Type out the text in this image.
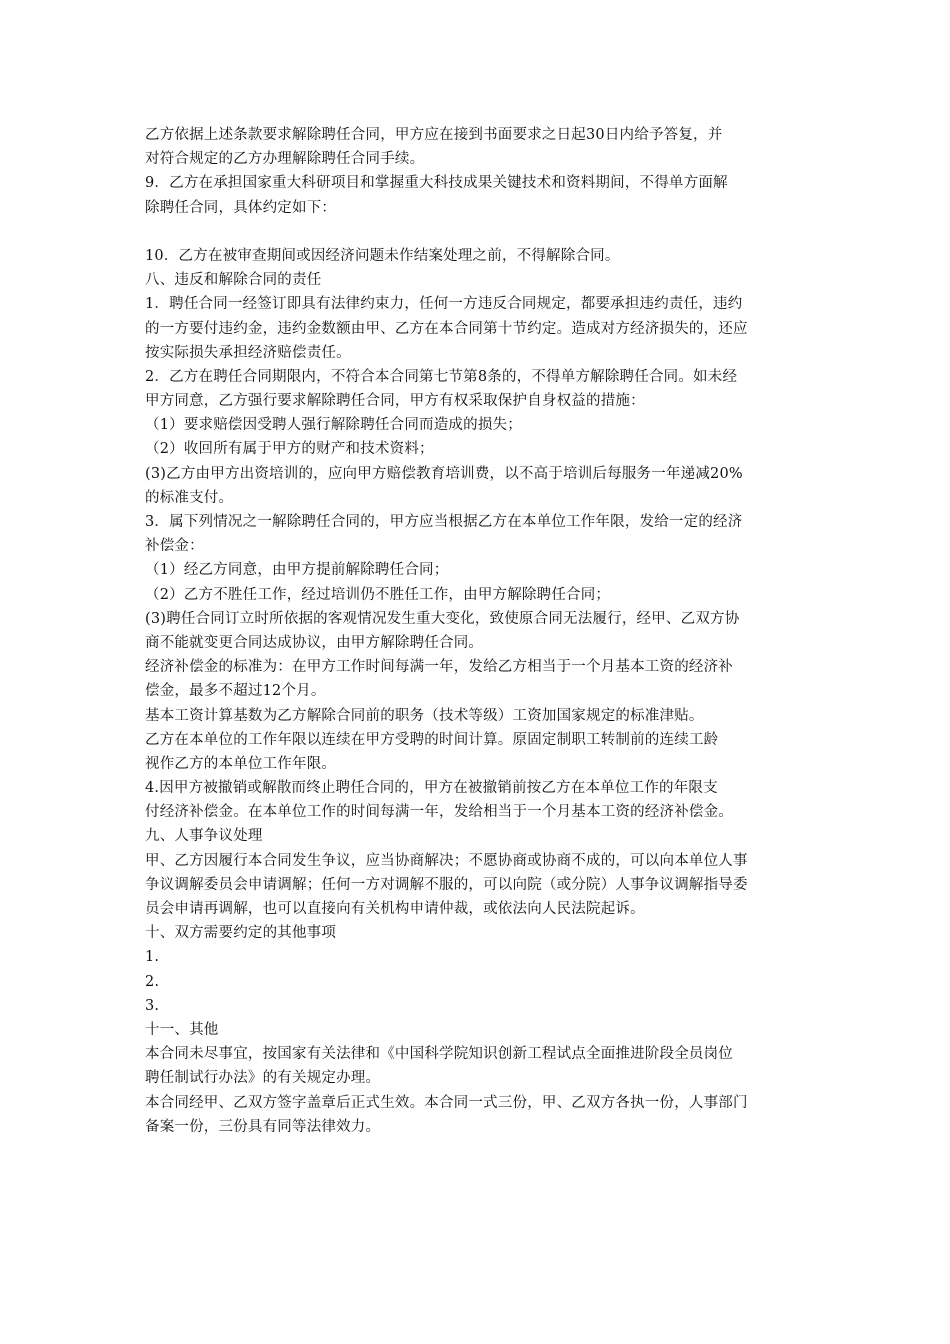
乙方依据上述条款要求解除聘任合同，甲方应在接到书面要求之日起30日内给予答复，并
对符合规定的乙方办理解除聘任合同手续。
9．乙方在承担国家重大科研项目和掌握重大科技成果关键技术和资料期间，不得单方面解
除聘任合同，具体约定如下：
10．乙方在被审查期间或因经济问题未作结案处理之前，不得解除合同。
八、违反和解除合同的责任
1．聘任合同一经签订即具有法律约束力，任何一方违反合同规定，都要承担违约责任，违约
的一方要付违约金，违约金数额由甲、乙方在本合同第十节约定。造成对方经济损失的，还应
按实际损失承担经济赔偿责任。
2．乙方在聘任合同期限内，不符合本合同第七节第8条的，不得单方解除聘任合同。如未经
甲方同意，乙方强行要求解除聘任合同，甲方有权采取保护自身权益的措施：
（1）要求赔偿因受聘人强行解除聘任合同而造成的损失；
（2）收回所有属于甲方的财产和技术资料；
(3)乙方由甲方出资培训的，应向甲方赔偿教育培训费，以不高于培训后每服务一年递减20%
的标准支付。
3．属下列情况之一解除聘任合同的，甲方应当根据乙方在本单位工作年限，发给一定的经济
补偿金：
（1）经乙方同意，由甲方提前解除聘任合同；
（2）乙方不胜任工作，经过培训仍不胜任工作，由甲方解除聘任合同；
(3)聘任合同订立时所依据的客观情况发生重大变化，致使原合同无法履行，经甲、乙双方协
商不能就变更合同达成协议，由甲方解除聘任合同。
经济补偿金的标准为：在甲方工作时间每满一年，发给乙方相当于一个月基本工资的经济补
偿金，最多不超过12个月。
基本工资计算基数为乙方解除合同前的职务（技术等级）工资加国家规定的标准津贴。
乙方在本单位的工作年限以连续在甲方受聘的时间计算。原固定制职工转制前的连续工龄
视作乙方的本单位工作年限。
4.因甲方被撤销或解散而终止聘任合同的，甲方在被撤销前按乙方在本单位工作的年限支
付经济补偿金。在本单位工作的时间每满一年，发给相当于一个月基本工资的经济补偿金。
九、人事争议处理
甲、乙方因履行本合同发生争议，应当协商解决；不愿协商或协商不成的，可以向本单位人事
争议调解委员会申请调解；任何一方对调解不服的，可以向院（或分院）人事争议调解指导委
员会申请再调解，也可以直接向有关机构申请仲裁，或依法向人民法院起诉。
十、双方需要约定的其他事项
1.
2.
3.
十一、其他
本合同未尽事宜，按国家有关法律和《中国科学院知识创新工程试点全面推进阶段全员岗位
聘任制试行办法》的有关规定办理。
本合同经甲、乙双方签字盖章后正式生效。本合同一式三份，甲、乙双方各执一份，人事部门
备案一份，三份具有同等法律效力。
